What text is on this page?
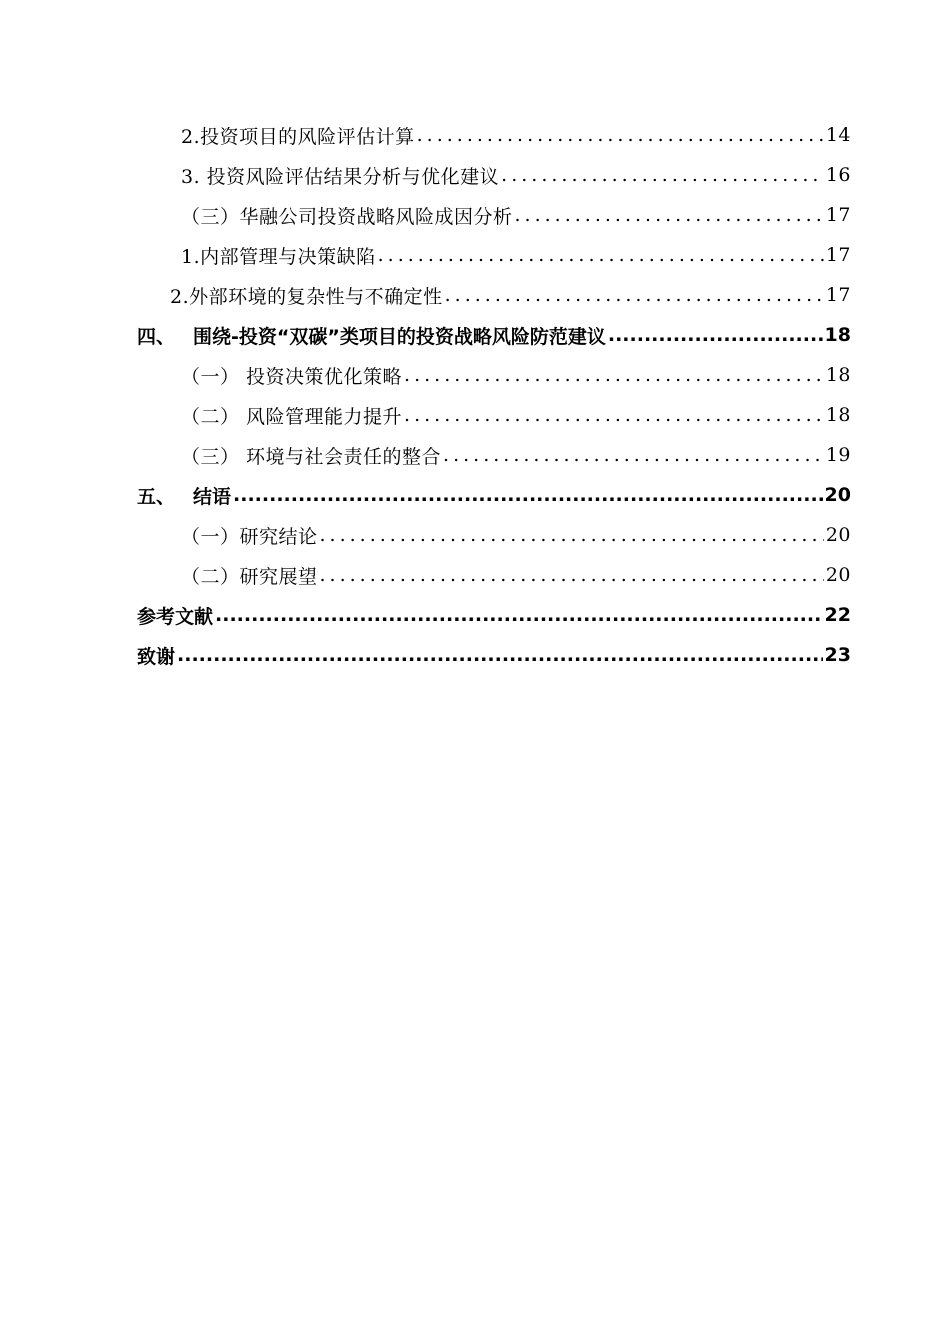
2.投资项目的风险评估计算 .....	14
3. 投资风险评估结果分析与优化建议 .....	16
（三）华融公司投资战略风险成因分析 .....	17
1.内部管理与决策缺陷 .....	17
2.外部环境的复杂性与不确定性 .....	17
四、 围绕-投资“双碳”类项目的投资战略风险防范建议 .....	18
（一） 投资决策优化策略 .....	18
（二） 风险管理能力提升 .....	18
（三） 环境与社会责任的整合 .....	19
五、 结语 .....	20
（一）研究结论 .....	20
（二）研究展望 .....	20
参考文献 .....	22
致谢 .....	23
